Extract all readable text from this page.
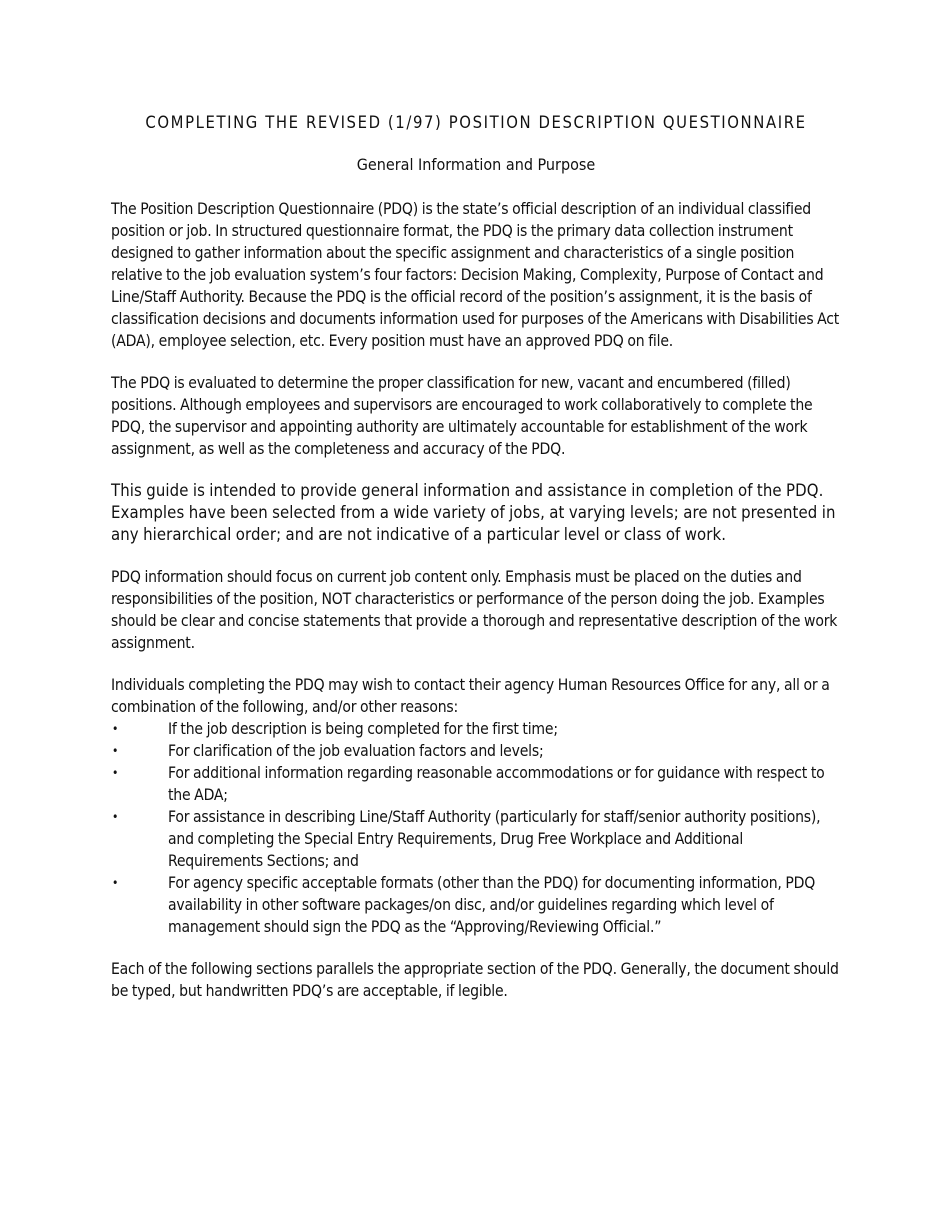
COMPLETING THE REVISED (1/97) POSITION DESCRIPTION QUESTIONNAIRE
General Information and Purpose

The Position Description Questionnaire (PDQ) is the state’s official description of an individual classified position or job. In structured questionnaire format, the PDQ is the primary data collection instrument designed to gather information about the specific assignment and characteristics of a single position relative to the job evaluation system’s four factors: Decision Making, Complexity, Purpose of Contact and Line/Staff Authority. Because the PDQ is the official record of the position’s assignment, it is the basis of classification decisions and documents information used for purposes of the Americans with Disabilities Act (ADA), employee selection, etc. Every position must have an approved PDQ on file.

The PDQ is evaluated to determine the proper classification for new, vacant and encumbered (filled) positions. Although employees and supervisors are encouraged to work collaboratively to complete the PDQ, the supervisor and appointing authority are ultimately accountable for establishment of the work assignment, as well as the completeness and accuracy of the PDQ.

This guide is intended to provide general information and assistance in completion of the PDQ. Examples have been selected from a wide variety of jobs, at varying levels; are not presented in any hierarchical order; and are not indicative of a particular level or class of work.

PDQ information should focus on current job content only. Emphasis must be placed on the duties and responsibilities of the position, NOT characteristics or performance of the person doing the job. Examples should be clear and concise statements that provide a thorough and representative description of the work assignment.

Individuals completing the PDQ may wish to contact their agency Human Resources Office for any, all or a combination of the following, and/or other reasons:

•	If the job description is being completed for the first time;
•	For clarification of the job evaluation factors and levels;
•	For additional information regarding reasonable accommodations or for guidance with respect to the ADA;
•	For assistance in describing Line/Staff Authority (particularly for staff/senior authority positions), and completing the Special Entry Requirements, Drug Free Workplace and Additional Requirements Sections; and
•	For agency specific acceptable formats (other than the PDQ) for documenting information, PDQ availability in other software packages/on disc, and/or guidelines regarding which level of management should sign the PDQ as the “Approving/Reviewing Official.”

Each of the following sections parallels the appropriate section of the PDQ. Generally, the document should be typed, but handwritten PDQ’s are acceptable, if legible.
